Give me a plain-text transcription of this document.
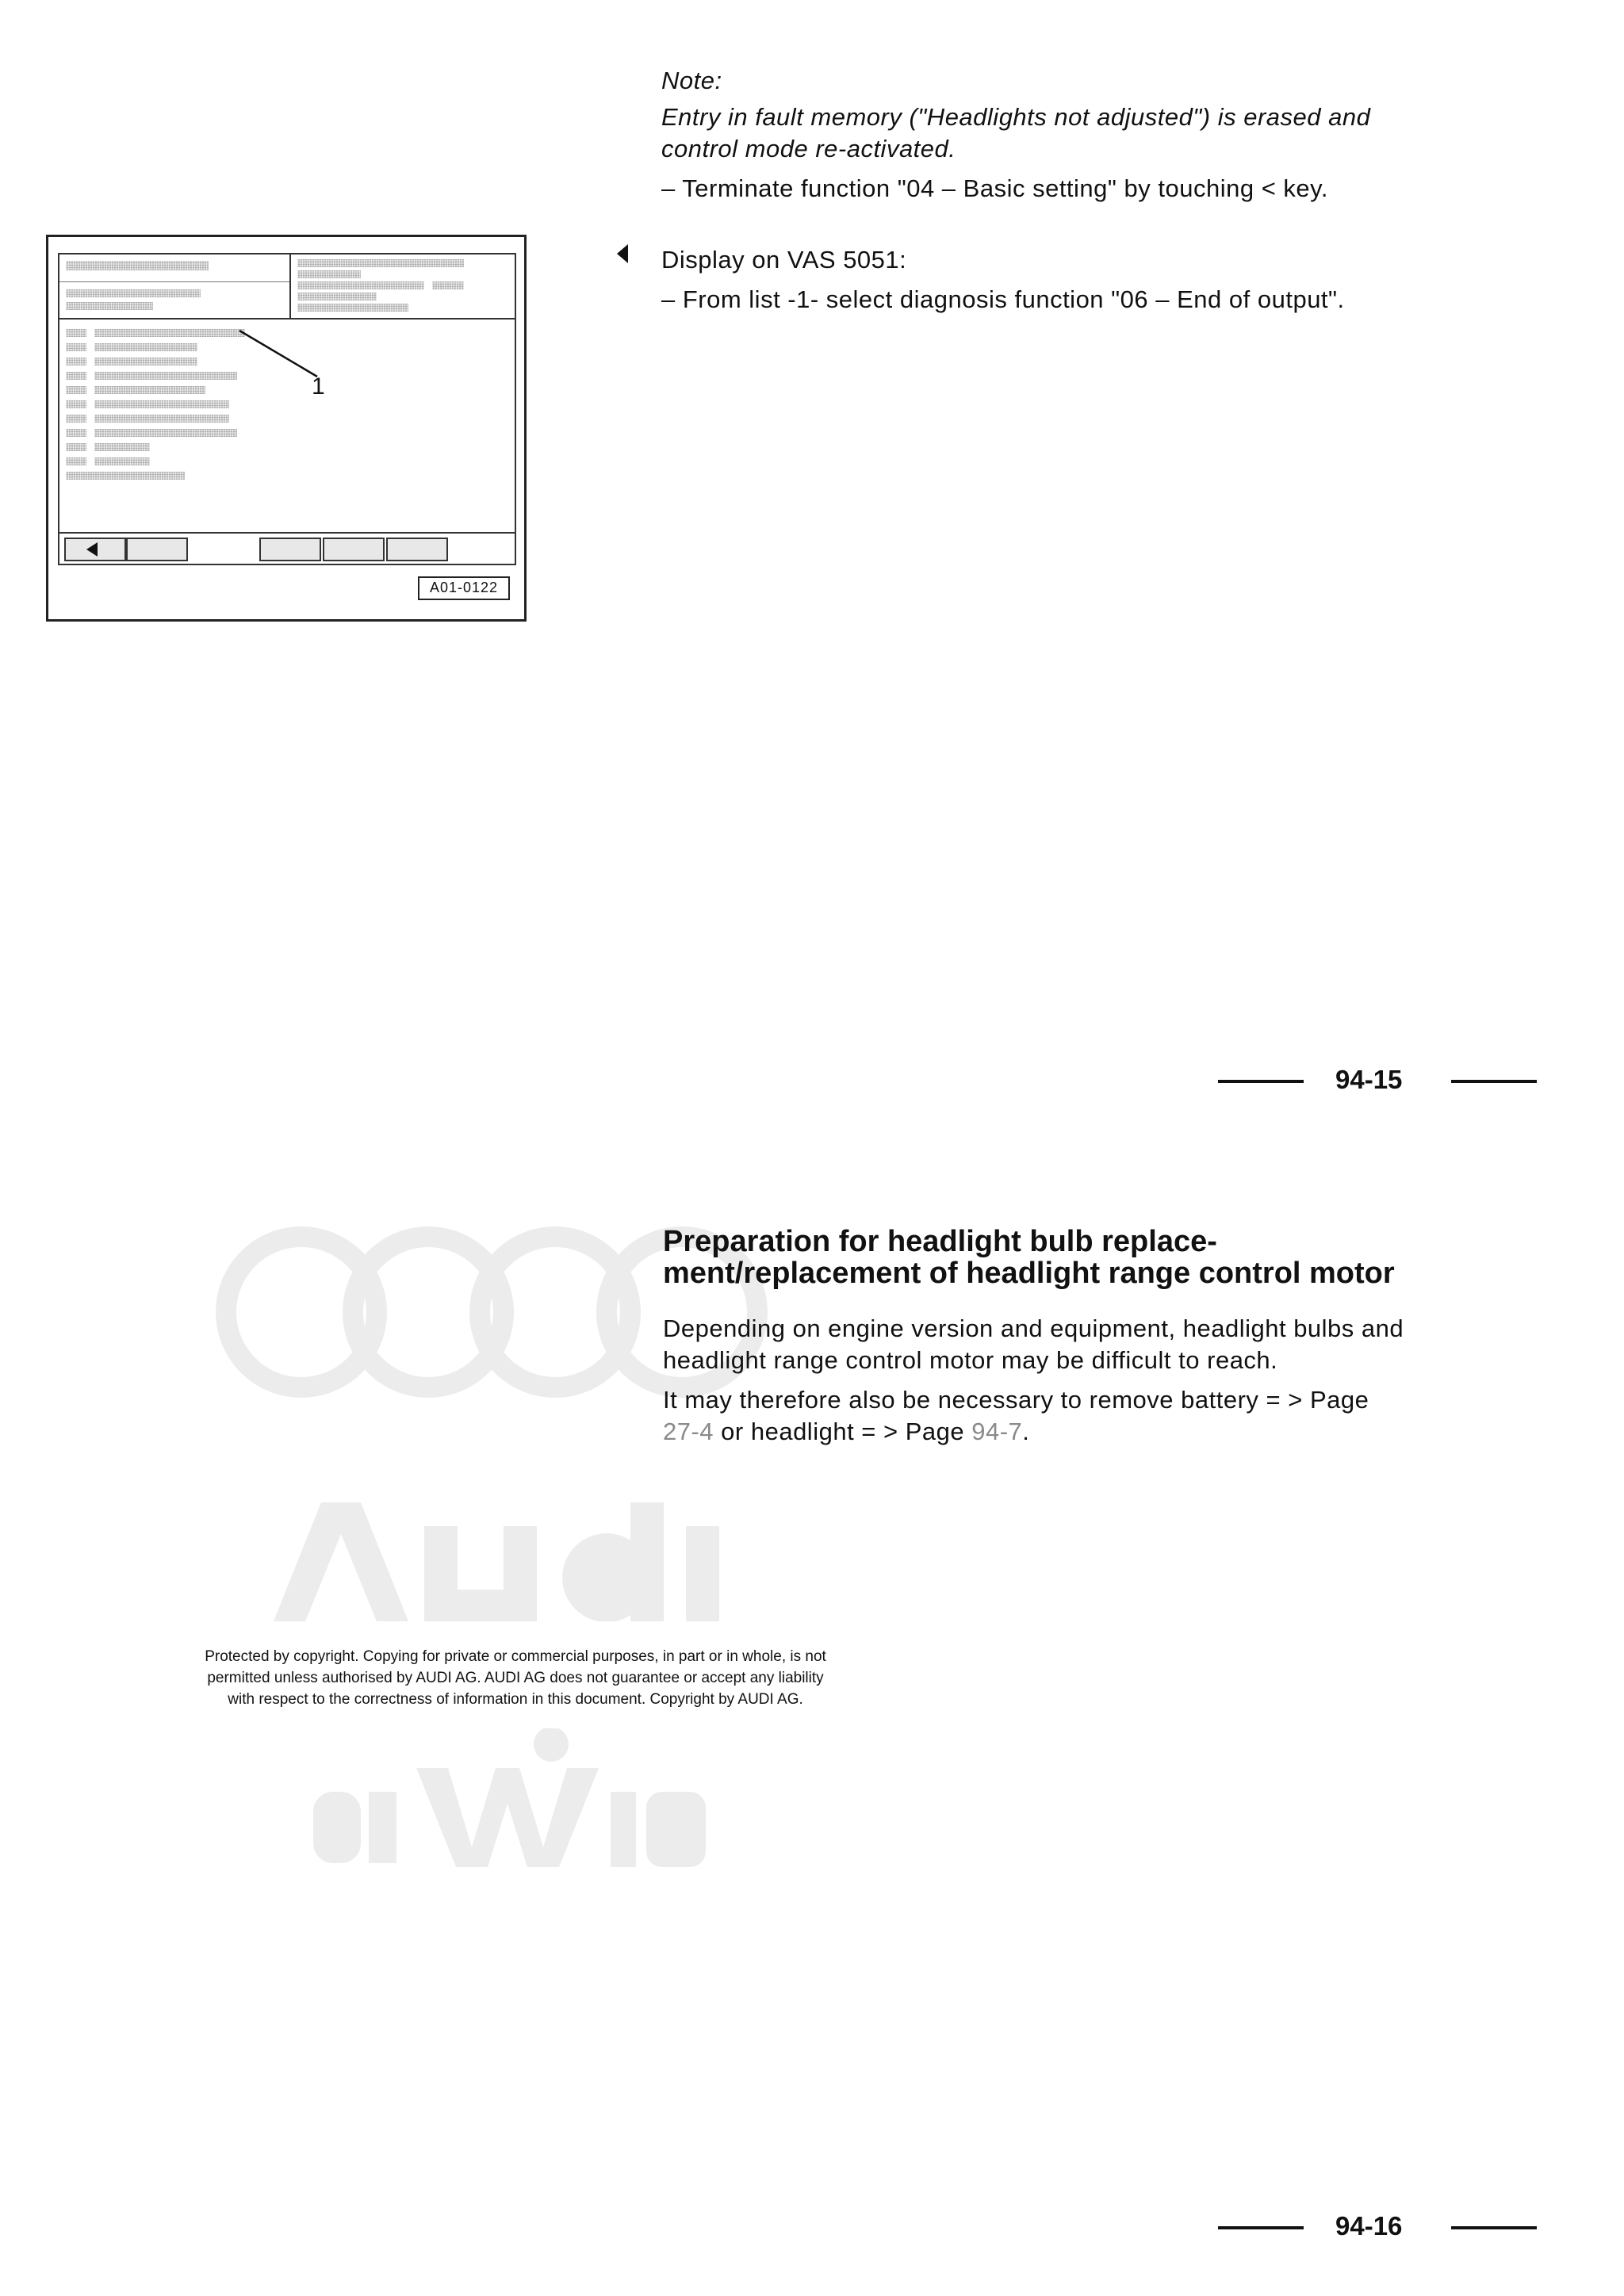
1
A01-0122
Note:
Entry in fault memory ("Headlights not adjusted") is erased and
control mode re-activated.
– Terminate function "04 – Basic setting" by touching < key.
Display on VAS 5051:
– From list -1- select diagnosis function "06 – End of output".
94-15
Preparation for headlight bulb replace-
ment/replacement of headlight range control motor
Depending on engine version and equipment, headlight bulbs and
headlight range control motor may be difficult to reach.
It may therefore also be necessary to remove battery = > Page
27-4 or headlight = > Page 94-7.
Protected by copyright. Copying for private or commercial purposes, in part or in whole, is not
permitted unless authorised by AUDI AG. AUDI AG does not guarantee or accept any liability
with respect to the correctness of information in this document. Copyright by AUDI AG.
94-16
